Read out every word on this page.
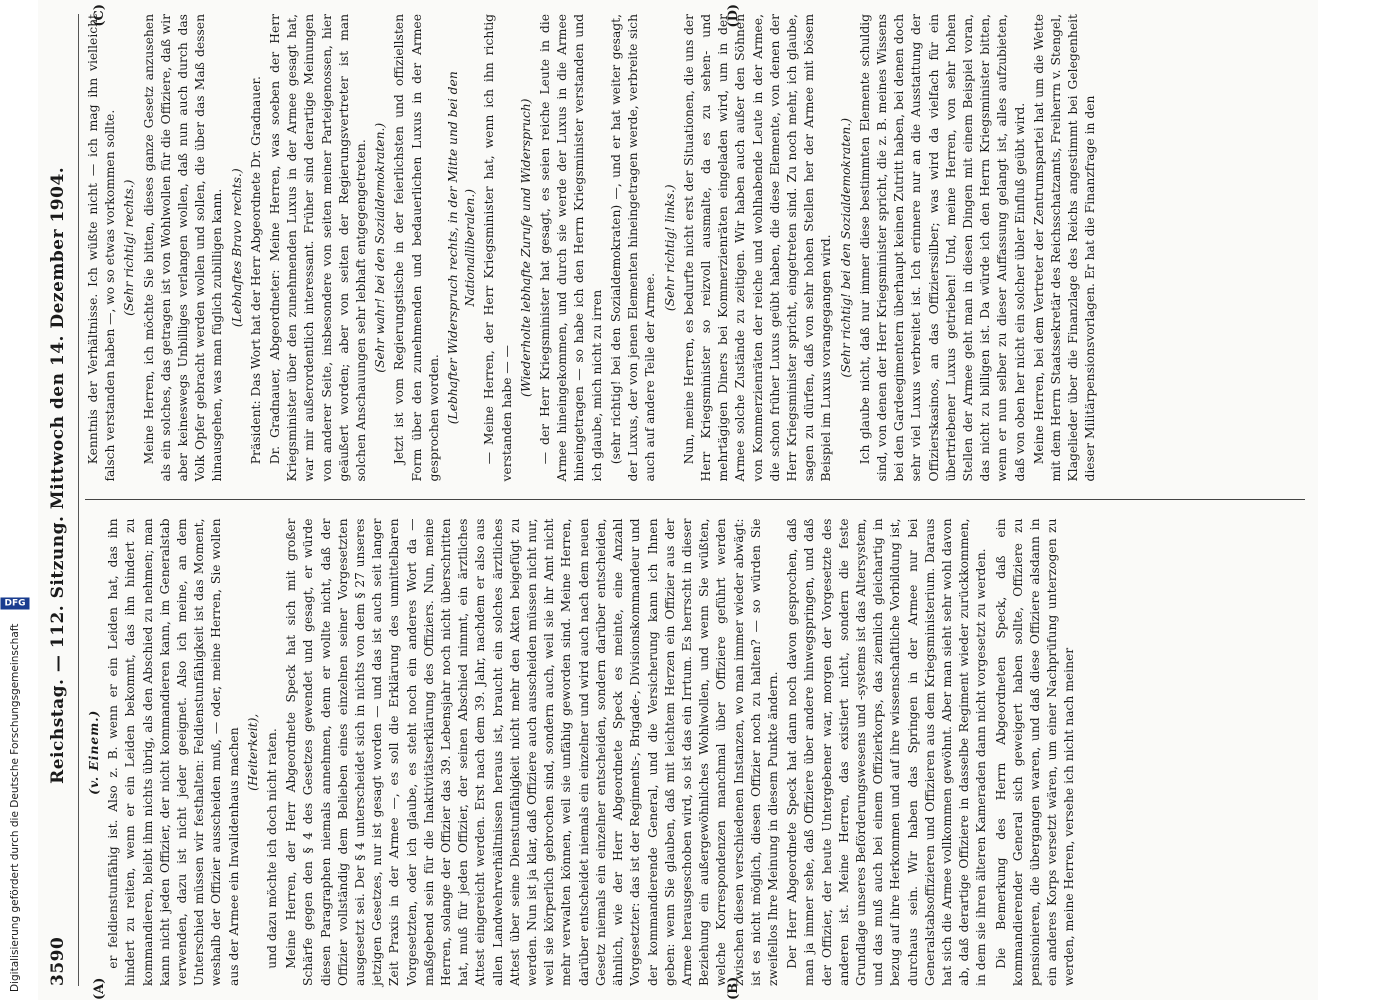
Digitalisierung gefördert durch die Deutsche Forschungsgemeinschaft
DFG
3590
Reichstag. — 112. Sitzung. Mittwoch den 14. Dezember 1904.
(A)	(B)

(v. Einem.) er feldienstunfähig ist. Also z. B. wenn er ein Leiden hat, das ihn hindert zu reiten, wenn er ein Leiden bekommt, das ihn hindert zu kommandieren, bleibt ihm nichts übrig, als den Abschied zu nehmen; man kann nicht jeden Offizier, der nicht kommandieren kann, im Generalstab verwenden, dazu ist nicht jeder geeignet. Also ich meine, an dem Unterschied müssen wir festhalten: Feldienstunfähigkeit ist das Moment, weshalb der Offizier ausscheiden muß, — oder, meine Herren, Sie wollen aus der Armee ein Invalidenhaus machen (Heiterkeit), und dazu möchte ich doch nicht raten. Meine Herren, der Herr Abgeordnete Speck hat sich mit großer Schärfe gegen den § 4 des Gesetzes gewendet und gesagt, er würde diesen Paragraphen niemals annehmen, denn er wollte nicht, daß der Offizier vollständig dem Belieben eines einzelnen seiner Vorgesetzten ausgesetzt sei. Der § 4 unterscheidet sich in nichts von dem § 27 unseres jetzigen Gesetzes, nur ist gesagt worden — und das ist auch seit langer Zeit Praxis in der Armee —, es soll die Erklärung des unmittelbaren Vorgesetzten, oder ich glaube, es steht noch ein anderes Wort da — maßgebend sein für die Inaktivitätserklärung des Offiziers. Nun, meine Herren, solange der Offizier das 39. Lebensjahr noch nicht überschritten hat, muß für jeden Offizier, der seinen Abschied nimmt, ein ärztliches Attest eingereicht werden. Erst nach dem 39. Jahr, nachdem er also aus allen Landwehrverhältnissen heraus ist, braucht ein solches ärztliches Attest über seine Dienstunfähigkeit nicht mehr den Akten beigefügt zu werden. Nun ist ja klar, daß Offiziere auch ausscheiden müssen nicht nur, weil sie körperlich gebrochen sind, sondern auch, weil sie ihr Amt nicht mehr verwalten können, weil sie unfähig geworden sind. Meine Herren, darüber entscheidet niemals ein einzelner und wird auch nach dem neuen Gesetz niemals ein einzelner entscheiden, sondern darüber entscheiden, ähnlich, wie der Herr Abgeordnete Speck es meinte, eine Anzahl Vorgesetzter: das ist der Regiments-, Brigade-, Divisionskommandeur und der kommandierende General, und die Versicherung kann ich Ihnen geben: wenn Sie glauben, daß mit leichtem Herzen ein Offizier aus der Armee herausgeschoben wird, so ist das ein Irrtum. Es herrscht in dieser Beziehung ein außergewöhnliches Wohlwollen, und wenn Sie wüßten, welche Korrespondenzen manchmal über Offiziere geführt werden zwischen diesen verschiedenen Instanzen, wo man immer wieder abwägt: ist es nicht möglich, diesen Offizier noch zu halten? — so würden Sie zweifellos Ihre Meinung in diesem Punkte ändern. Der Herr Abgeordnete Speck hat dann noch davon gesprochen, daß man ja immer sehe, daß Offiziere über andere hinwegspringen, und daß der Offizier, der heute Untergebener war, morgen der Vorgesetzte des anderen ist. Meine Herren, das existiert nicht, sondern die feste Grundlage unseres Beförderungswesens und -systems ist das Altersystem, und das muß auch bei einem Offizierkorps, das ziemlich gleichartig in bezug auf ihre Herkommen und auf ihre wissenschaftliche Vorbildung ist, durchaus sein. Wir haben das Springen in der Armee nur bei Generalstabsoffizieren und Offizieren aus dem Kriegsministerium. Daraus hat sich die Armee vollkommen gewöhnt. Aber man sieht sehr wohl davon ab, daß derartige Offiziere in dasselbe Regiment wieder zurückkommen, in dem sie ihren älteren Kameraden dann nicht vorgesetzt zu werden. Die Bemerkung des Herrn Abgeordneten Speck, daß ein kommandierender General sich geweigert haben sollte, Offiziere zu pensionieren, die übergangen waren, und daß diese Offiziere alsdann in ein anderes Korps versetzt wären, um einer Nachprüfung unterzogen zu werden, meine Herren, versehe ich nicht nach meiner

(C)	(D)

Kenntnis der Verhältnisse. Ich wüßte nicht — ich mag ihn vielleicht falsch verstanden haben —, wo so etwas vorkommen sollte. (Sehr richtig! rechts.) Meine Herren, ich möchte Sie bitten, dieses ganze Gesetz anzusehen als ein solches, das getragen ist von Wohlwollen für die Offiziere, daß wir aber keineswegs Unbilliges verlangen wollen, daß nun auch durch das Volk Opfer gebracht werden wollen und sollen, die über das Maß dessen hinausgehen, was man füglich zubilligen kann. (Lebhaftes Bravo rechts.) Präsident: Das Wort hat der Herr Abgeordnete Dr. Gradnauer. Dr. Gradnauer, Abgeordneter: Meine Herren, was soeben der Herr Kriegsminister über den zunehmenden Luxus in der Armee gesagt hat, war mir außerordentlich interessant. Früher sind derartige Meinungen von anderer Seite, insbesondere von seiten meiner Parteigenossen, hier geäußert worden; aber von seiten der Regierungsvertreter ist man solchen Anschauungen sehr lebhaft entgegengetreten. (Sehr wahr! bei den Sozialdemokraten.) Jetzt ist vom Regierungstische in der feierlichsten und offiziellsten Form über den zunehmenden und bedauerlichen Luxus in der Armee gesprochen worden. (Lebhafter Widerspruch rechts, in der Mitte und bei den Nationalliberalen.) — Meine Herren, der Herr Kriegsminister hat, wenn ich ihn richtig verstanden habe — —

(Wiederholte lebhafte Zurufe und Widerspruch) — der Herr Kriegsminister hat gesagt, es seien reiche Leute in die Armee hineingekommen, und durch sie werde der Luxus in die Armee hineingetragen — so habe ich den Herrn Kriegsminister verstanden und ich glaube, mich nicht zu irren (sehr richtig! bei den Sozialdemokraten) —, und er hat weiter gesagt, der Luxus, der von jenen Elementen hineingetragen werde, verbreite sich auch auf andere Teile der Armee.

(Sehr richtig! links.) Nun, meine Herren, es bedurfte nicht erst der Situationen, die uns der Herr Kriegsminister so reizvoll ausmalte, da es zu sehen- und mehrtägigen Diners bei Kommerzienräten eingeladen wird, um in der Armee solche Zustände zu zeitigen. Wir haben auch außer den Söhnen von Kommerzienräten der reiche und wohlhabende Leute in der Armee, die schon früher Luxus geübt haben, die diese Elemente, von denen der Herr Kriegsminister spricht, eingetreten sind. Zu noch mehr, ich glaube, sagen zu dürfen, daß von sehr hohen Stellen her der Armee mit bösem Beispiel im Luxus vorangegangen wird. (Sehr richtig! bei den Sozialdemokraten.) Ich glaube nicht, daß nur immer diese bestimmten Elemente schuldig sind, von denen der Herr Kriegsminister spricht, die z. B. meines Wissens bei den Gardeegimentern überhaupt keinen Zutritt haben, bei denen doch sehr viel Luxus verbreitet ist. Ich erinnere nur an die Ausstattung der Offizierskasinos, an das Offizierssilber; was wird da vielfach für ein übertriebener Luxus getrieben! Und, meine Herren, von sehr hohen Stellen der Armee geht man in diesen Dingen mit einem Beispiel voran, das nicht zu billigen ist. Da würde ich den Herrn Kriegsminister bitten, wenn er nun selber zu dieser Auffassung gelangt ist, alles aufzubieten, daß von oben her nicht ein solcher übler Einfluß geübt wird. Meine Herren, bei dem Vertreter der Zentrumspartei hat um die Wette mit dem Herrn Staatssekretär des Reichsschatzamts, Freiherrn v. Stengel, Klagelieder über die Finanzlage des Reichs angestimmt bei Gelegenheit dieser Militärpensionsvorlagen. Er hat die Finanzfrage in den
